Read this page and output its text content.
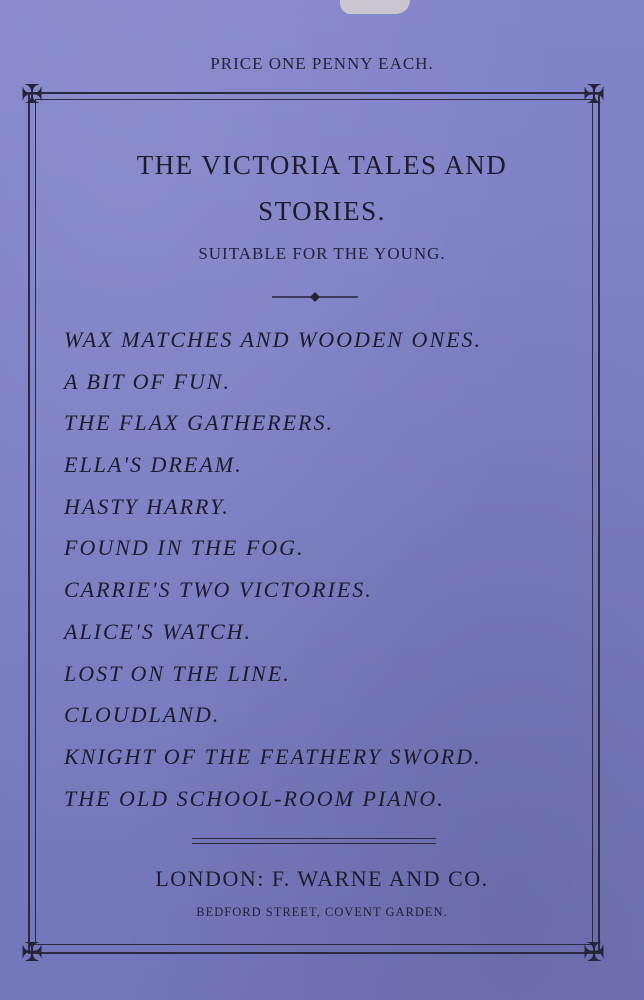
PRICE ONE PENNY EACH.
✠	✠
✠	✠
THE VICTORIA TALES AND
STORIES.
SUITABLE FOR THE YOUNG.
WAX MATCHES AND WOODEN ONES.
A BIT OF FUN.
THE FLAX GATHERERS.
ELLA'S DREAM.
HASTY HARRY.
FOUND IN THE FOG.
CARRIE'S TWO VICTORIES.
ALICE'S WATCH.
LOST ON THE LINE.
CLOUDLAND.
KNIGHT OF THE FEATHERY SWORD.
THE OLD SCHOOL-ROOM PIANO.
LONDON: F. WARNE AND CO.
BEDFORD STREET, COVENT GARDEN.
